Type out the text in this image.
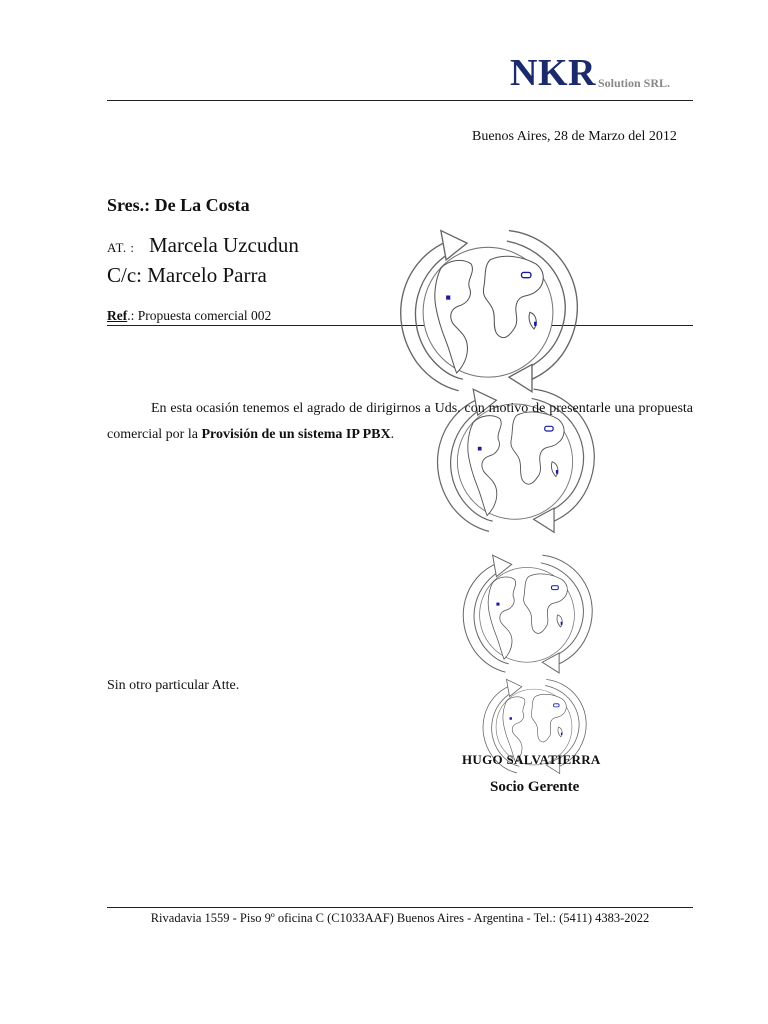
NKR Solution SRL.
Buenos Aires, 28 de Marzo del 2012
Sres.: De La Costa
AT. : Marcela Uzcudun
C/c: Marcelo Parra
Ref.: Propuesta comercial 002
En esta ocasión tenemos el agrado de dirigirnos a Uds. con motivo de presentarle una propuesta comercial por la Provisión de un sistema IP PBX.
Sin otro particular Atte.
HUGO SALVATIERRA
Socio Gerente
Rivadavia 1559 - Piso 9º oficina C (C1033AAF) Buenos Aires - Argentina - Tel.: (5411) 4383-2022
